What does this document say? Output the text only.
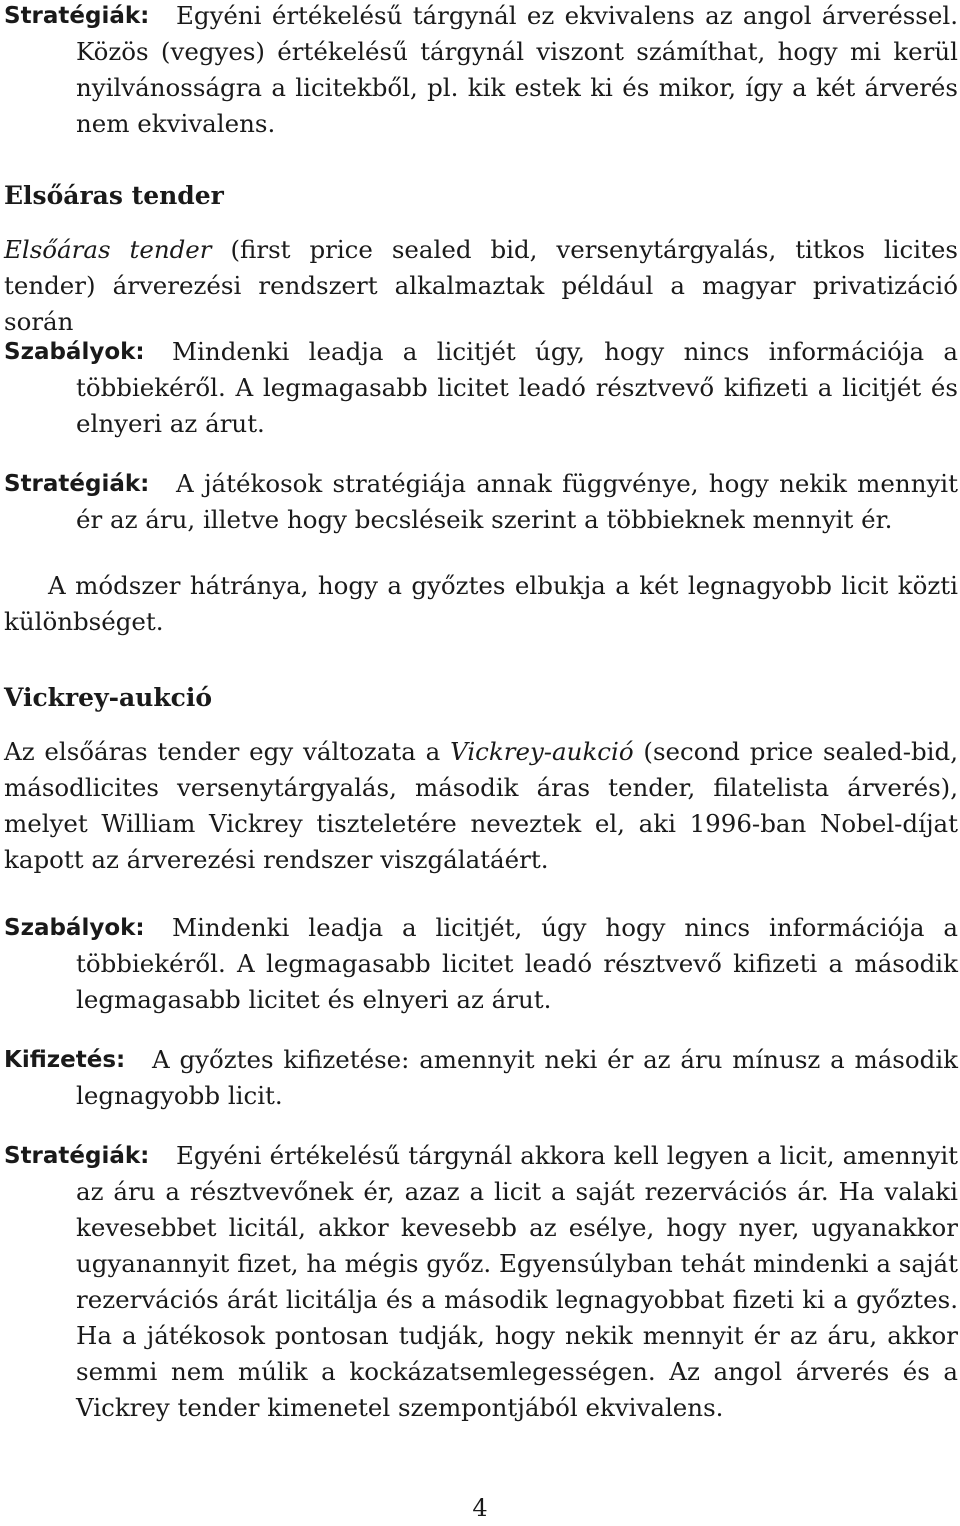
Stratégiák:	Egyéni értékelésű tárgynál ez ekvivalens az angol árveréssel. Közös (vegyes) értékelésű tárgynál viszont számíthat, hogy mi kerül nyilvánosságra a licitekből, pl. kik estek ki és mikor, így a két árverés nem ekvivalens.
Elsőáras tender
Elsőáras tender (first price sealed bid, versenytárgyalás, titkos licites tender) árverezési rendszert alkalmaztak például a magyar privatizáció során
Szabályok:	Mindenki leadja a licitjét úgy, hogy nincs információja a többiekéről. A legmagasabb licitet leadó résztvevő kifizeti a licitjét és elnyeri az árut.
Stratégiák:	A játékosok stratégiája annak függvénye, hogy nekik mennyit ér az áru, illetve hogy becsléseik szerint a többieknek mennyit ér.
A módszer hátránya, hogy a győztes elbukja a két legnagyobb licit közti különbséget.
Vickrey-aukció
Az elsőáras tender egy változata a Vickrey-aukció (second price sealed-bid, másodlicites versenytárgyalás, második áras tender, filatelista árverés), melyet William Vickrey tiszteletére neveztek el, aki 1996-ban Nobel-díjat kapott az árverezési rendszer viszgálatáért.
Szabályok:	Mindenki leadja a licitjét, úgy hogy nincs információja a többiekéről. A legmagasabb licitet leadó résztvevő kifizeti a második legmagasabb licitet és elnyeri az árut.
Kifizetés:	A győztes kifizetése: amennyit neki ér az áru mínusz a második legnagyobb licit.
Stratégiák:	Egyéni értékelésű tárgynál akkora kell legyen a licit, amennyit az áru a résztvevőnek ér, azaz a licit a saját rezervációs ár. Ha valaki kevesebbet licitál, akkor kevesebb az esélye, hogy nyer, ugyanakkor ugyanannyit fizet, ha mégis győz. Egyensúlyban tehát mindenki a saját rezervációs árát licitálja és a második legnagyobbat fizeti ki a győztes. Ha a játékosok pontosan tudják, hogy nekik mennyit ér az áru, akkor semmi nem múlik a kockázatsemlegességen. Az angol árverés és a Vickrey tender kimenetel szempontjából ekvivalens.
4
